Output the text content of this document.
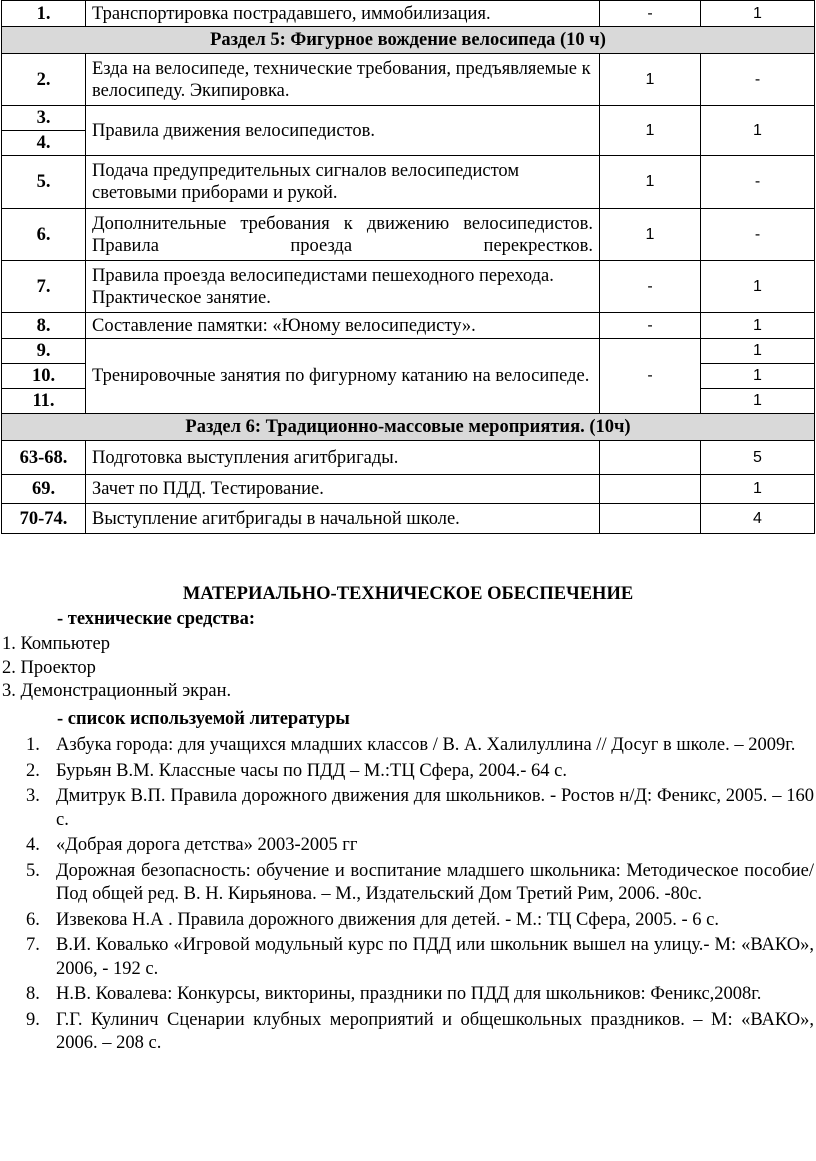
1.	Транспортировка пострадавшего, иммобилизация.	-	1
Раздел 5: Фигурное вождение велосипеда (10 ч)			
2.	Езда на велосипеде, технические требования, предъявляемые к велосипеду. Экипировка.	1	-
3.	Правила движения велосипедистов.	1	1
4.			
5.	Подача предупредительных сигналов велосипедистом световыми приборами и рукой.	1	-
6.	Дополнительные требования к движению велосипедистов. Правила проезда перекрестков.	1	-
7.	Правила проезда велосипедистами пешеходного перехода. Практическое занятие.	-	1
8.	Составление памятки: «Юному велосипедисту».	-	1
9.	Тренировочные занятия по фигурному катанию на велосипеде.	-	1
10.			1
11.			1
Раздел 6: Традиционно-массовые мероприятия. (10ч)			
63-68.	Подготовка выступления агитбригады.		5
69.	Зачет по ПДД. Тестирование.		1
70-74.	Выступление агитбригады в начальной школе.		4
МАТЕРИАЛЬНО-ТЕХНИЧЕСКОЕ ОБЕСПЕЧЕНИЕ
- технические средства:
1. Компьютер
2. Проектор
3. Демонстрационный экран.
- список используемой литературы
1. Азбука города: для учащихся младших классов / В. А. Халилуллина // Досуг в школе. – 2009г.
2. Бурьян В.М. Классные часы по ПДД – М.:ТЦ Сфера, 2004.- 64 с.
3. Дмитрук В.П. Правила дорожного движения для школьников. - Ростов н/Д: Феникс, 2005. – 160 с.
4. «Добрая дорога детства» 2003-2005 гг
5. Дорожная безопасность: обучение и воспитание младшего школьника: Методическое пособие/ Под общей ред. В. Н. Кирьянова. – М., Издательский Дом Третий Рим, 2006. -80с.
6. Извекова Н.А . Правила дорожного движения для детей. - М.: ТЦ Сфера, 2005. - 6 с.
7. В.И. Ковалько «Игровой модульный курс по ПДД или школьник вышел на улицу.- М: «ВАКО», 2006, - 192 с.
8. Н.В. Ковалева: Конкурсы, викторины, праздники по ПДД для школьников: Феникс,2008г.
9. Г.Г. Кулинич Сценарии клубных мероприятий и общешкольных праздников. – М: «ВАКО», 2006. – 208 с.
